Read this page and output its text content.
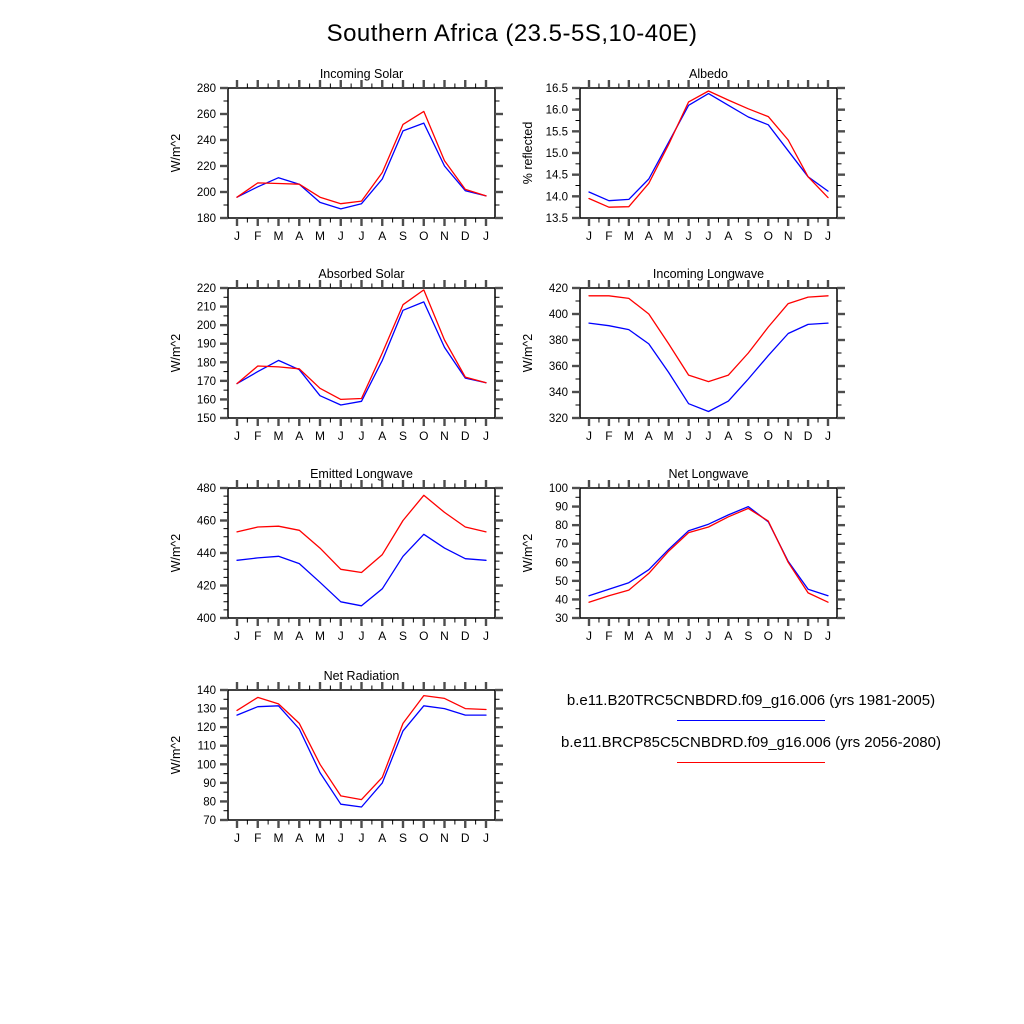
Southern Africa (23.5-5S,10-40E)
180
200
220
240
260
280
J F M A M J J A S O N D J
Incoming Solar
W/m^2
13.5
14.0
14.5
15.0
15.5
16.0
16.5
J F M A M J J A S O N D J
Albedo
% reflected
150
160
170
180
190
200
210
220
J F M A M J J A S O N D J
Absorbed Solar
W/m^2
320
340
360
380
400
420
J F M A M J J A S O N D J
Incoming Longwave
W/m^2
400
420
440
460
480
J F M A M J J A S O N D J
Emitted Longwave
W/m^2
30
40
50
60
70
80
90
100
J F M A M J J A S O N D J
Net Longwave
W/m^2
70
80
90
100
110
120
130
140
J F M A M J J A S O N D J
Net Radiation
W/m^2
b.e11.B20TRC5CNBDRD.f09_g16.006 (yrs 1981-2005)
b.e11.BRCP85C5CNBDRD.f09_g16.006 (yrs 2056-2080)
